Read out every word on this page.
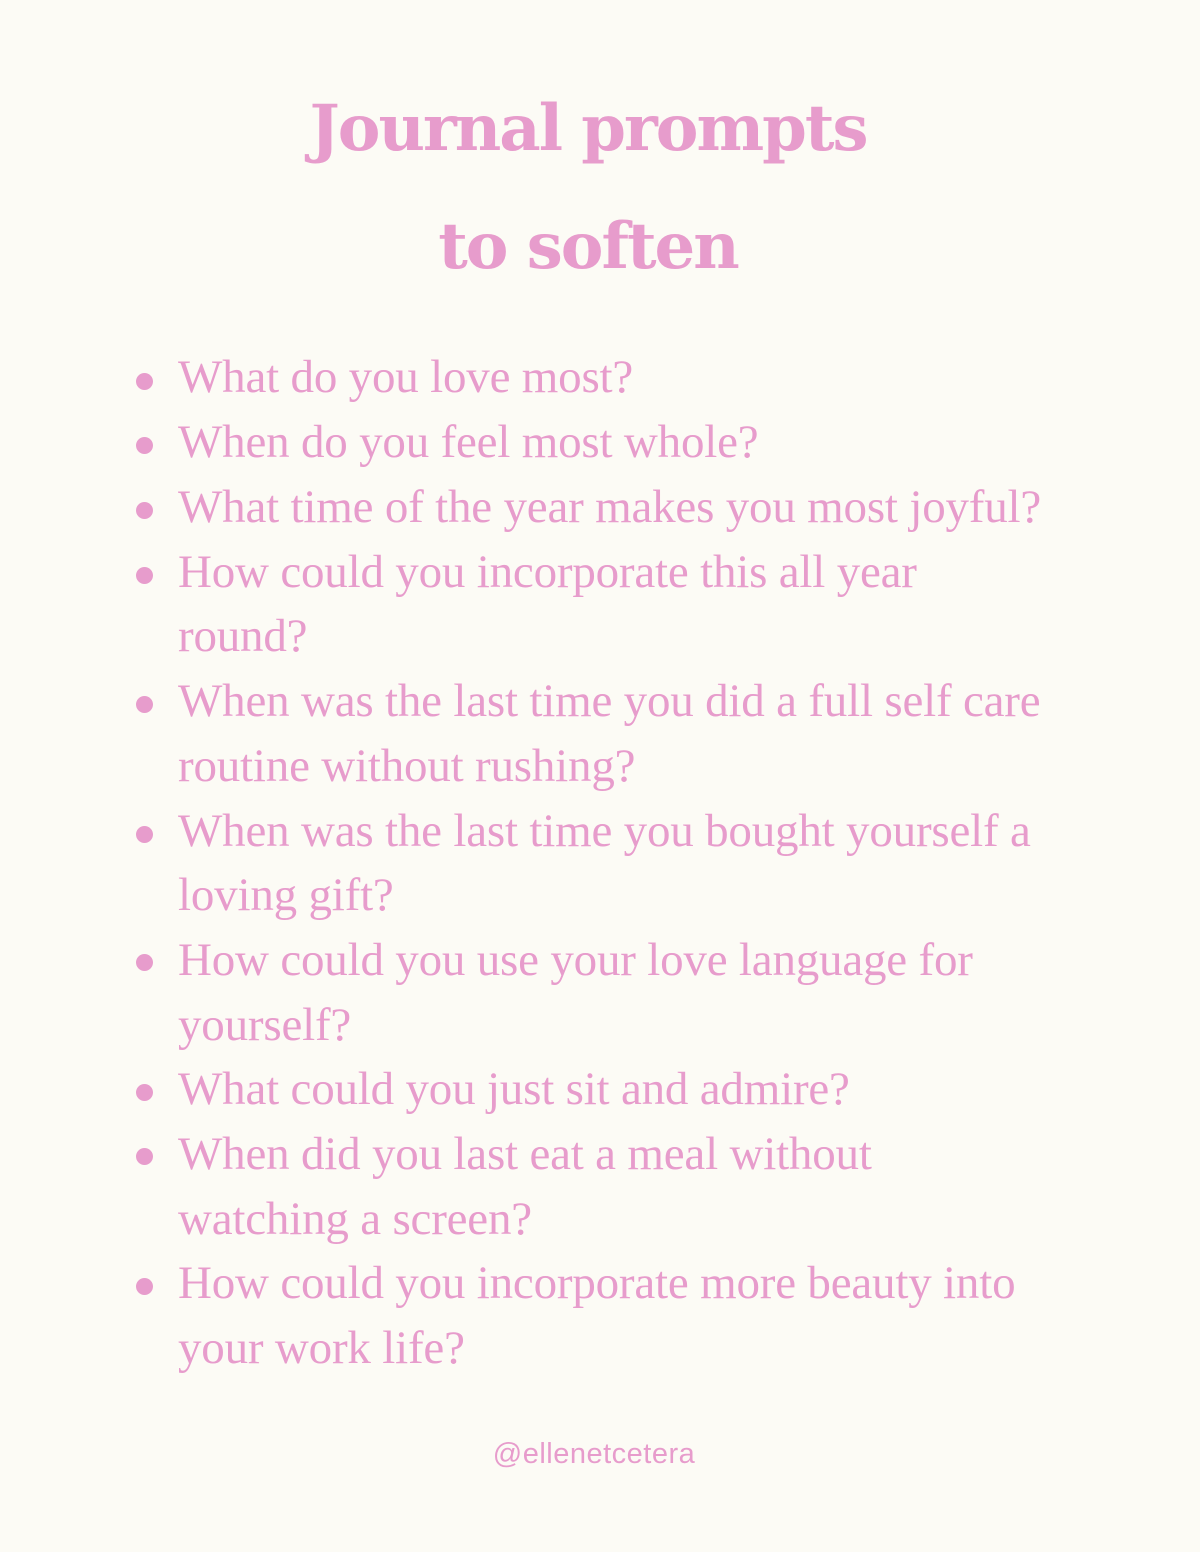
Journal prompts
to soften
What do you love most?
When do you feel most whole?
What time of the year makes you most joyful?
How could you incorporate this all year
round?
When was the last time you did a full self care
routine without rushing?
When was the last time you bought yourself a
loving gift?
How could you use your love language for
yourself?
What could you just sit and admire?
When did you last eat a meal without
watching a screen?
How could you incorporate more beauty into
your work life?
@ellenetcetera
